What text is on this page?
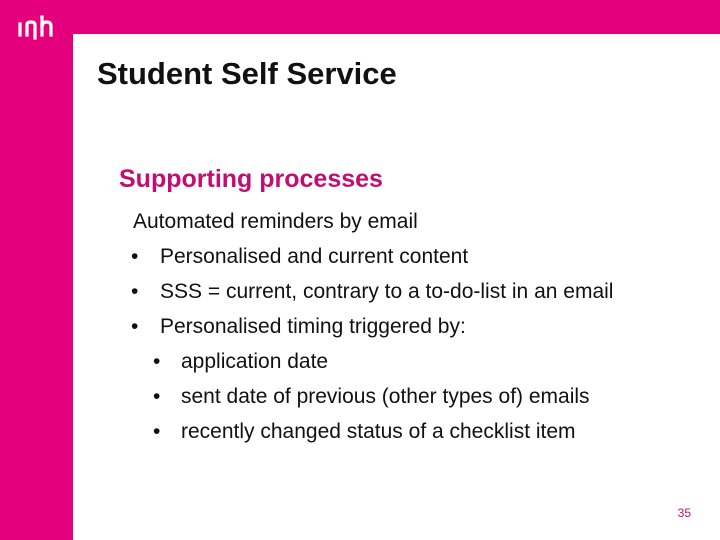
Student Self Service
Supporting processes
Automated reminders by email
• Personalised and current content
• SSS = current, contrary to a to-do-list in an email
• Personalised timing triggered by:
• application date
• sent date of previous (other types of) emails
• recently changed status of a checklist item
35
